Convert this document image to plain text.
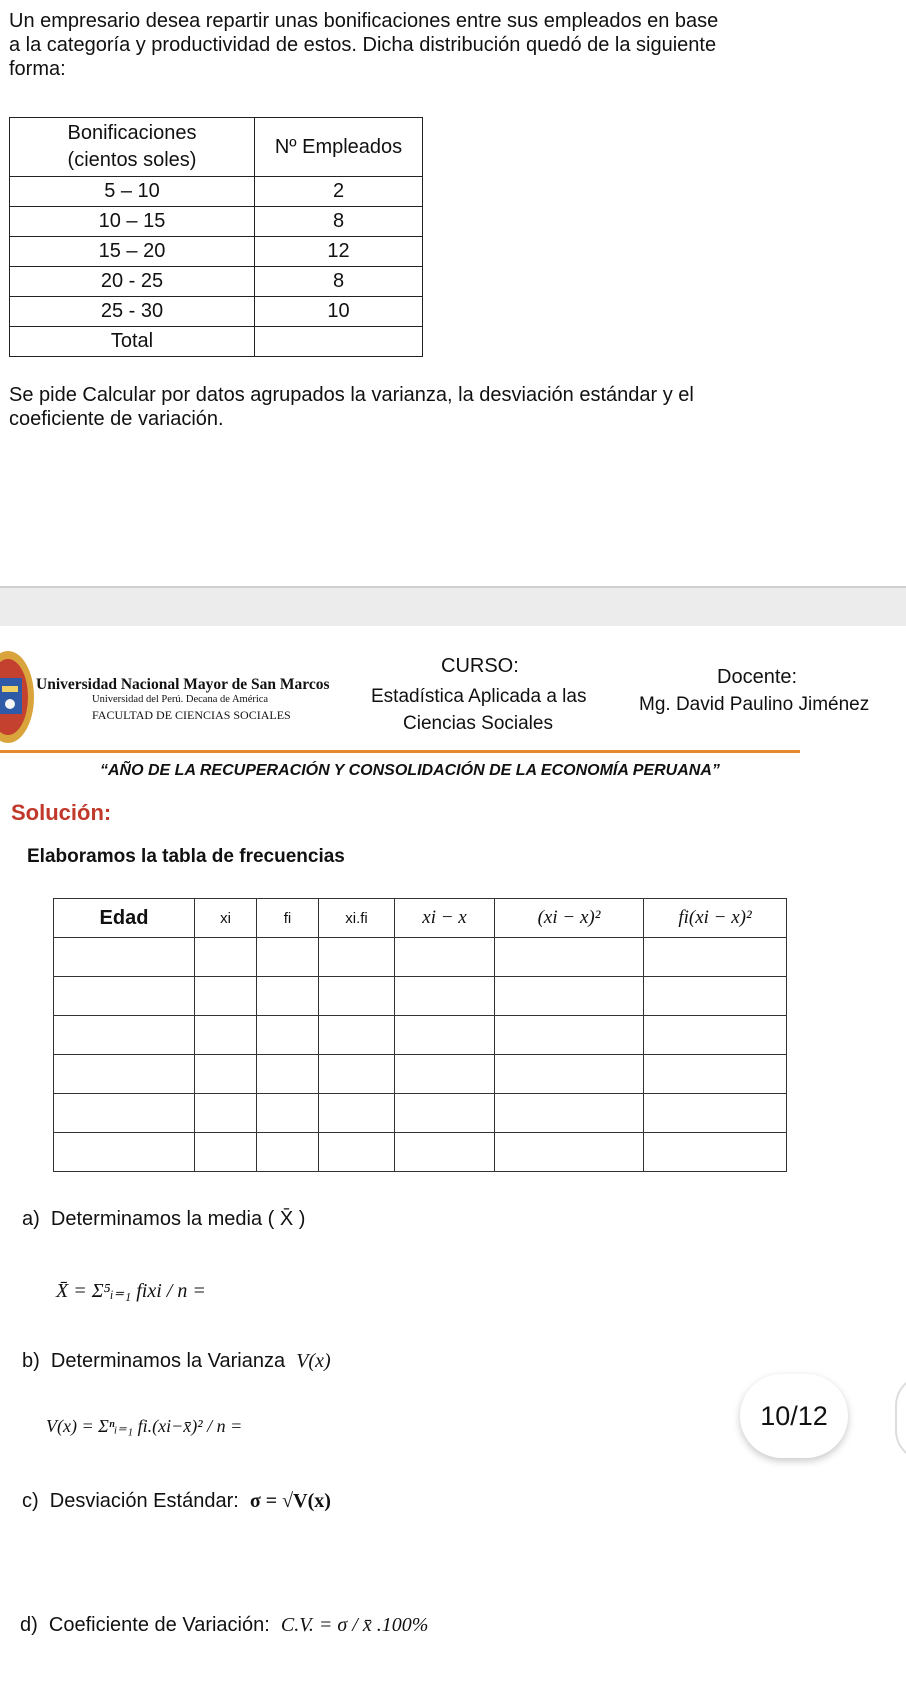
Un empresario desea repartir unas bonificaciones entre sus empleados en base
a la categoría y productividad de estos. Dicha distribución quedó de la siguiente
forma:
Bonificaciones
(cientos soles)	Nº Empleados
5 – 10	2
10 – 15	8
15 – 20	12
20 - 25	8
25 - 30	10
Total	
Se pide Calcular por datos agrupados la varianza, la desviación estándar y el
coeficiente de variación.
Universidad Nacional Mayor de San Marcos
Universidad del Perú. Decana de América
FACULTAD DE CIENCIAS SOCIALES
CURSO:
Estadística Aplicada a las
Ciencias Sociales
Docente:
Mg. David Paulino Jiménez
“AÑO DE LA RECUPERACIÓN Y CONSOLIDACIÓN DE LA ECONOMÍA PERUANA”
Solución:
Elaboramos la tabla de frecuencias
Edad	xi	fi	xi.fi	xi − x	(xi − x)²	fi(xi − x)²

a) Determinamos la media ( X̄ )
X̄ = Σ⁵ᵢ₌₁ fixi / n =
b) Determinamos la Varianza V(x)
V(x) = Σⁿᵢ₌₁ fi.(xi−x̄)² / n =	10/12
c) Desviación Estándar: σ = √V(x)
d) Coeficiente de Variación: C.V. = σ / x̄ .100%
